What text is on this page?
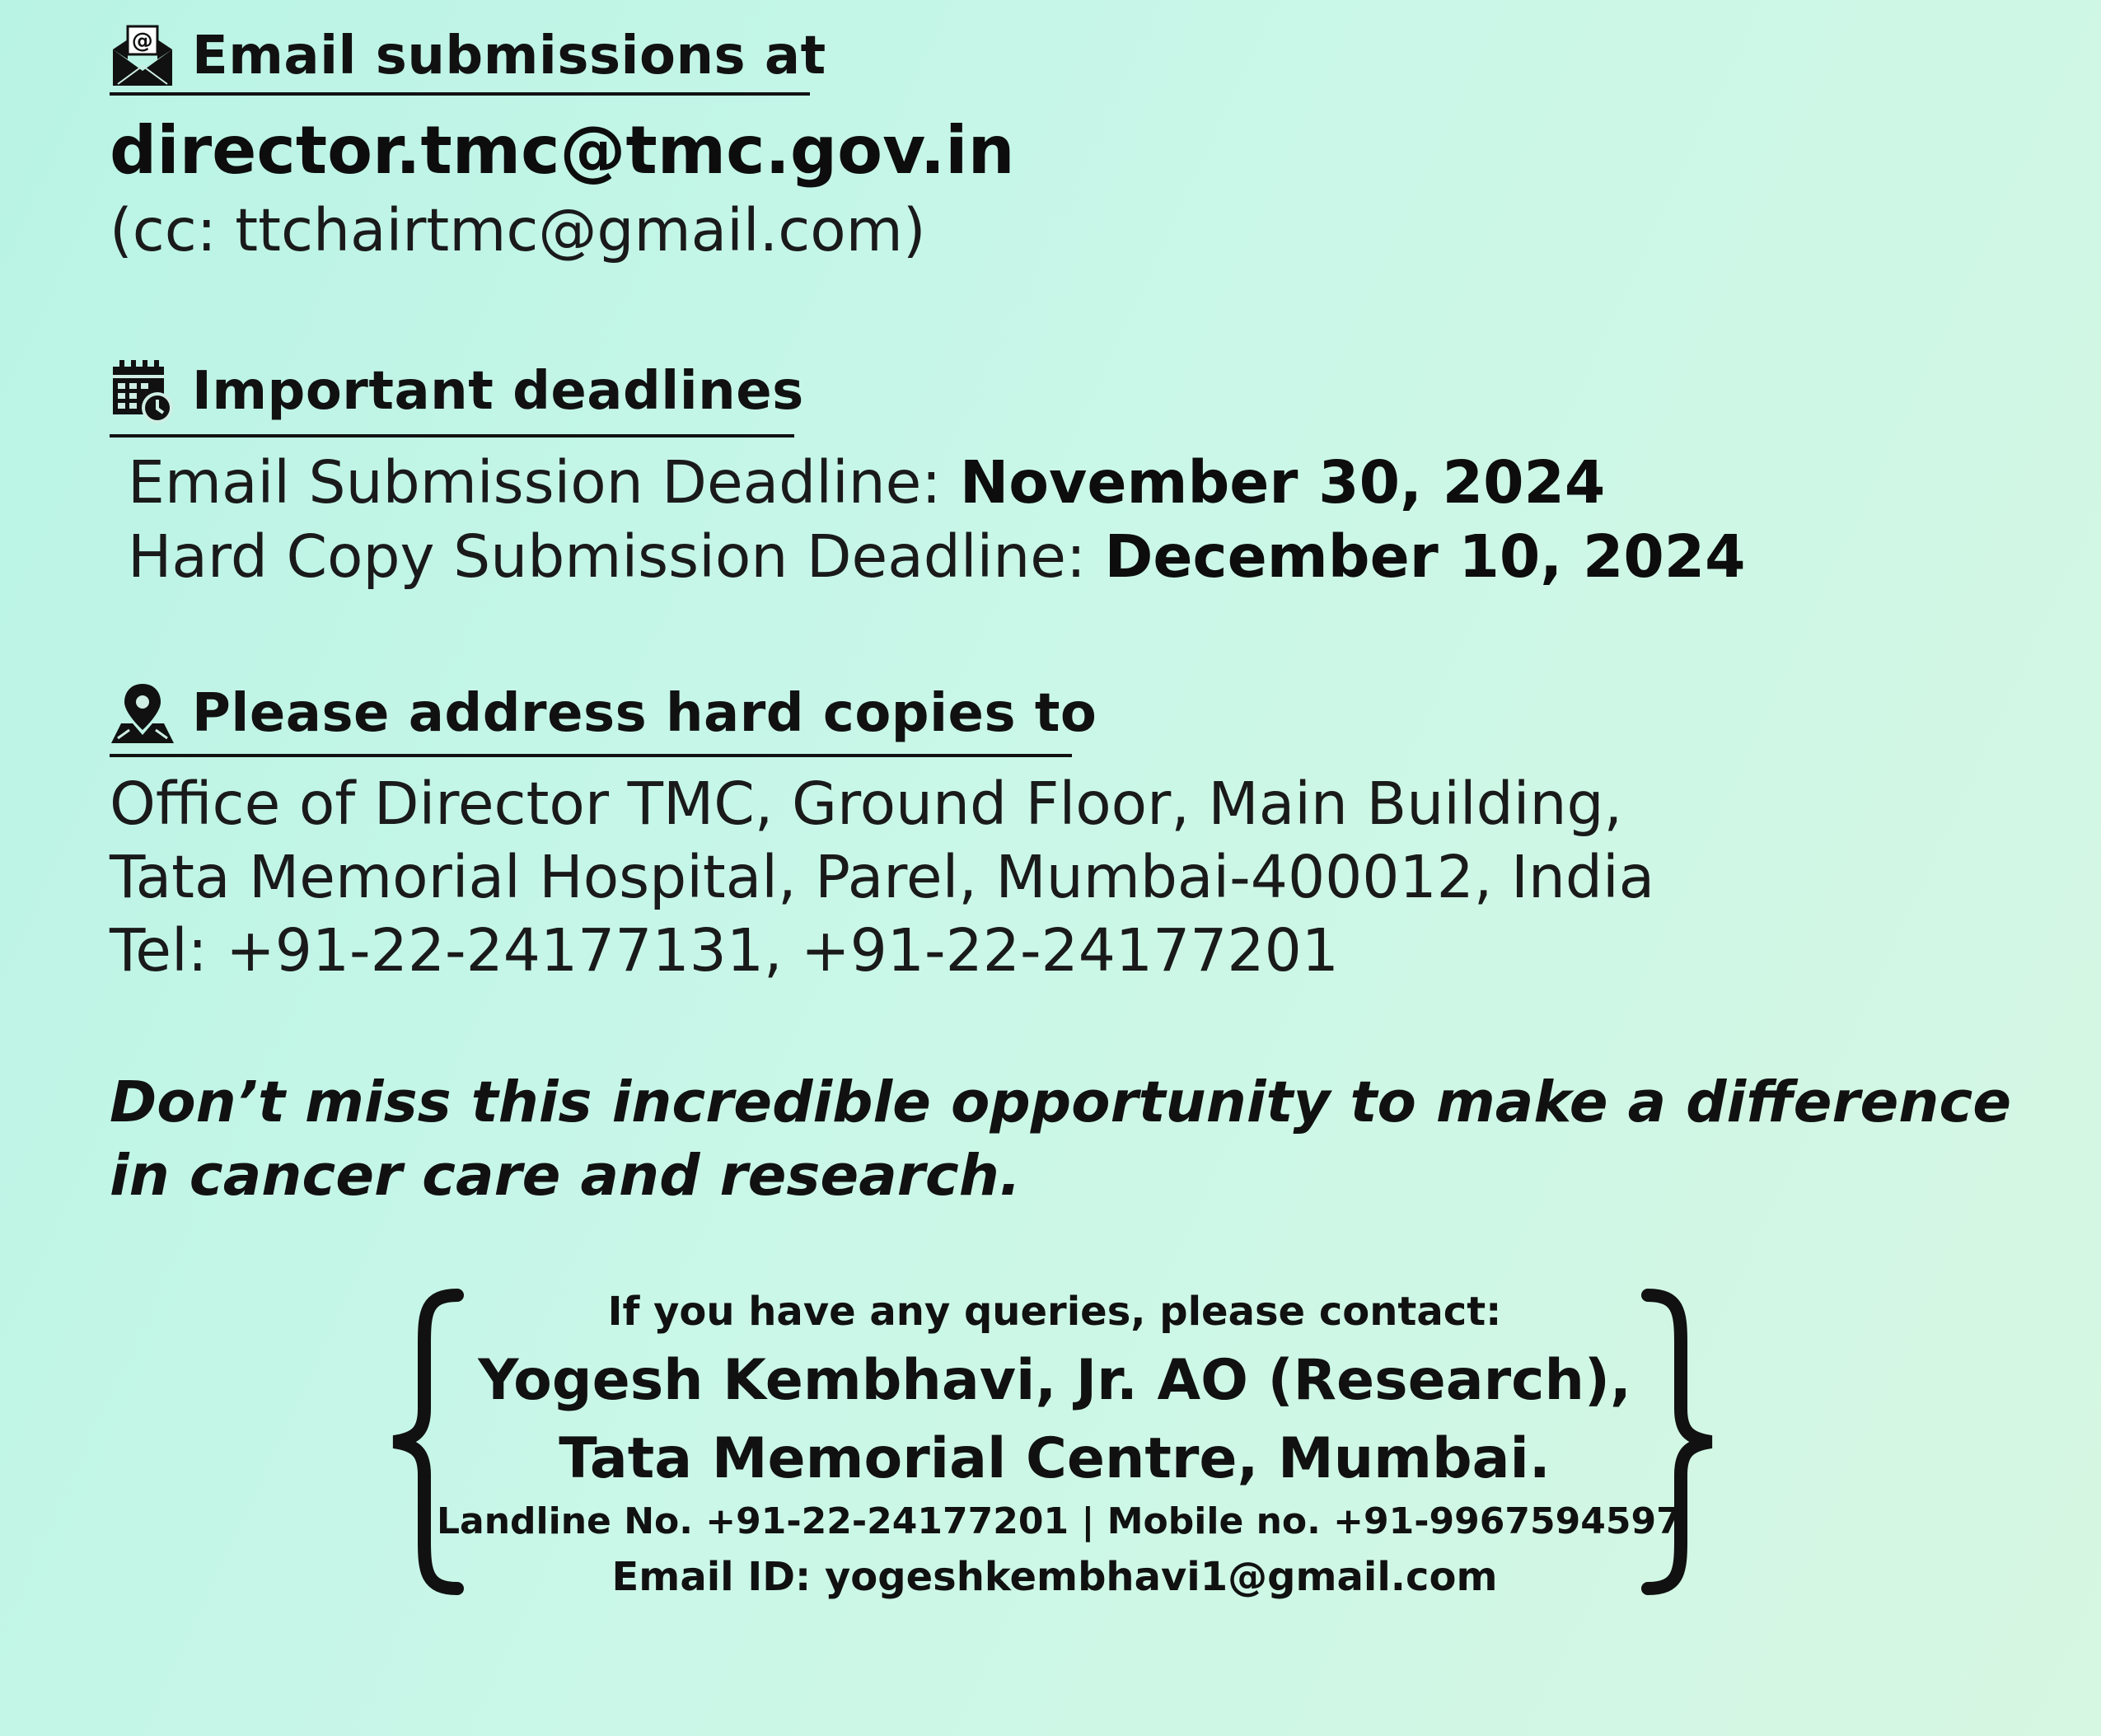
@ Email submissions at
director.tmc@tmc.gov.in
(cc: ttchairtmc@gmail.com)
Important deadlines
Email Submission Deadline: November 30, 2024
Hard Copy Submission Deadline: December 10, 2024
Please address hard copies to
Office of Director TMC, Ground Floor, Main Building,
Tata Memorial Hospital, Parel, Mumbai-400012, India
Tel: +91-22-24177131, +91-22-24177201
Don’t miss this incredible opportunity to make a difference
in cancer care and research.
If you have any queries, please contact:
Yogesh Kembhavi, Jr. AO (Research),
Tata Memorial Centre, Mumbai.
Landline No. +91-22-24177201 | Mobile no. +91-9967594597
Email ID: yogeshkembhavi1@gmail.com
